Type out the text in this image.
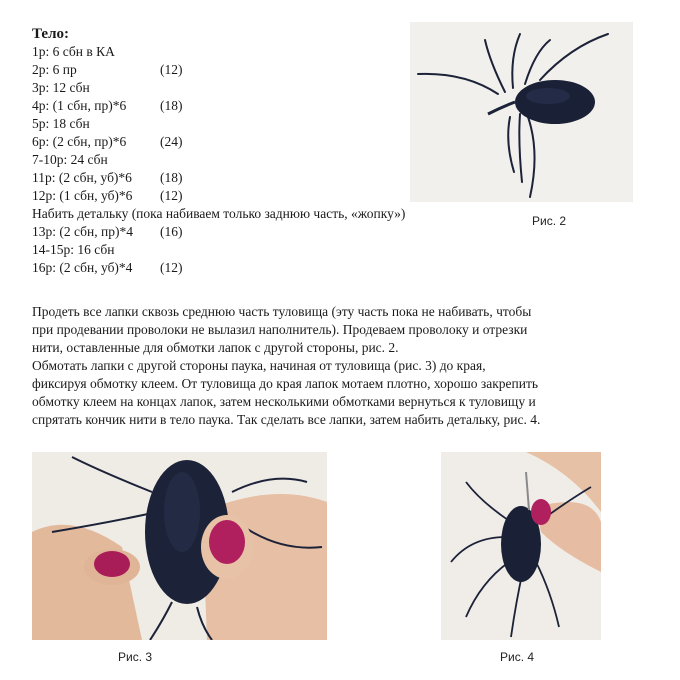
Тело:
1р: 6 сбн в КА
2р: 6 пр	(12)
3р: 12 сбн
4р: (1 сбн, пр)*6	(18)
5р: 18 сбн
6р: (2 сбн, пр)*6	(24)
7-10р: 24 сбн
11р: (2 сбн, уб)*6 (18)
12р: (1 сбн, уб)*6 (12)
Набить детальку (пока набиваем только заднюю часть, «жопку»)
13р: (2 сбн, пр)*4 (16)
14-15р: 16 сбн
16р: (2 сбн, уб)*4 (12)

Продеть все лапки сквозь среднюю часть туловища (эту часть пока не набивать, чтобы
при продевании проволоки не вылазил наполнитель). Продеваем проволоку и отрезки
нити, оставленные для обмотки лапок с другой стороны, рис. 2.

Обмотать лапки с другой стороны паука, начиная от туловища (рис. 3) до края,
фиксируя обмотку клеем. От туловища до края лапок мотаем плотно, хорошо закрепить
обмотку клеем на концах лапок, затем несколькими обмотками вернуться к туловищу и
спрятать кончик нити в тело паука. Так сделать все лапки, затем набить детальку, рис. 4.

Рис. 2
Рис. 3	Рис. 4
